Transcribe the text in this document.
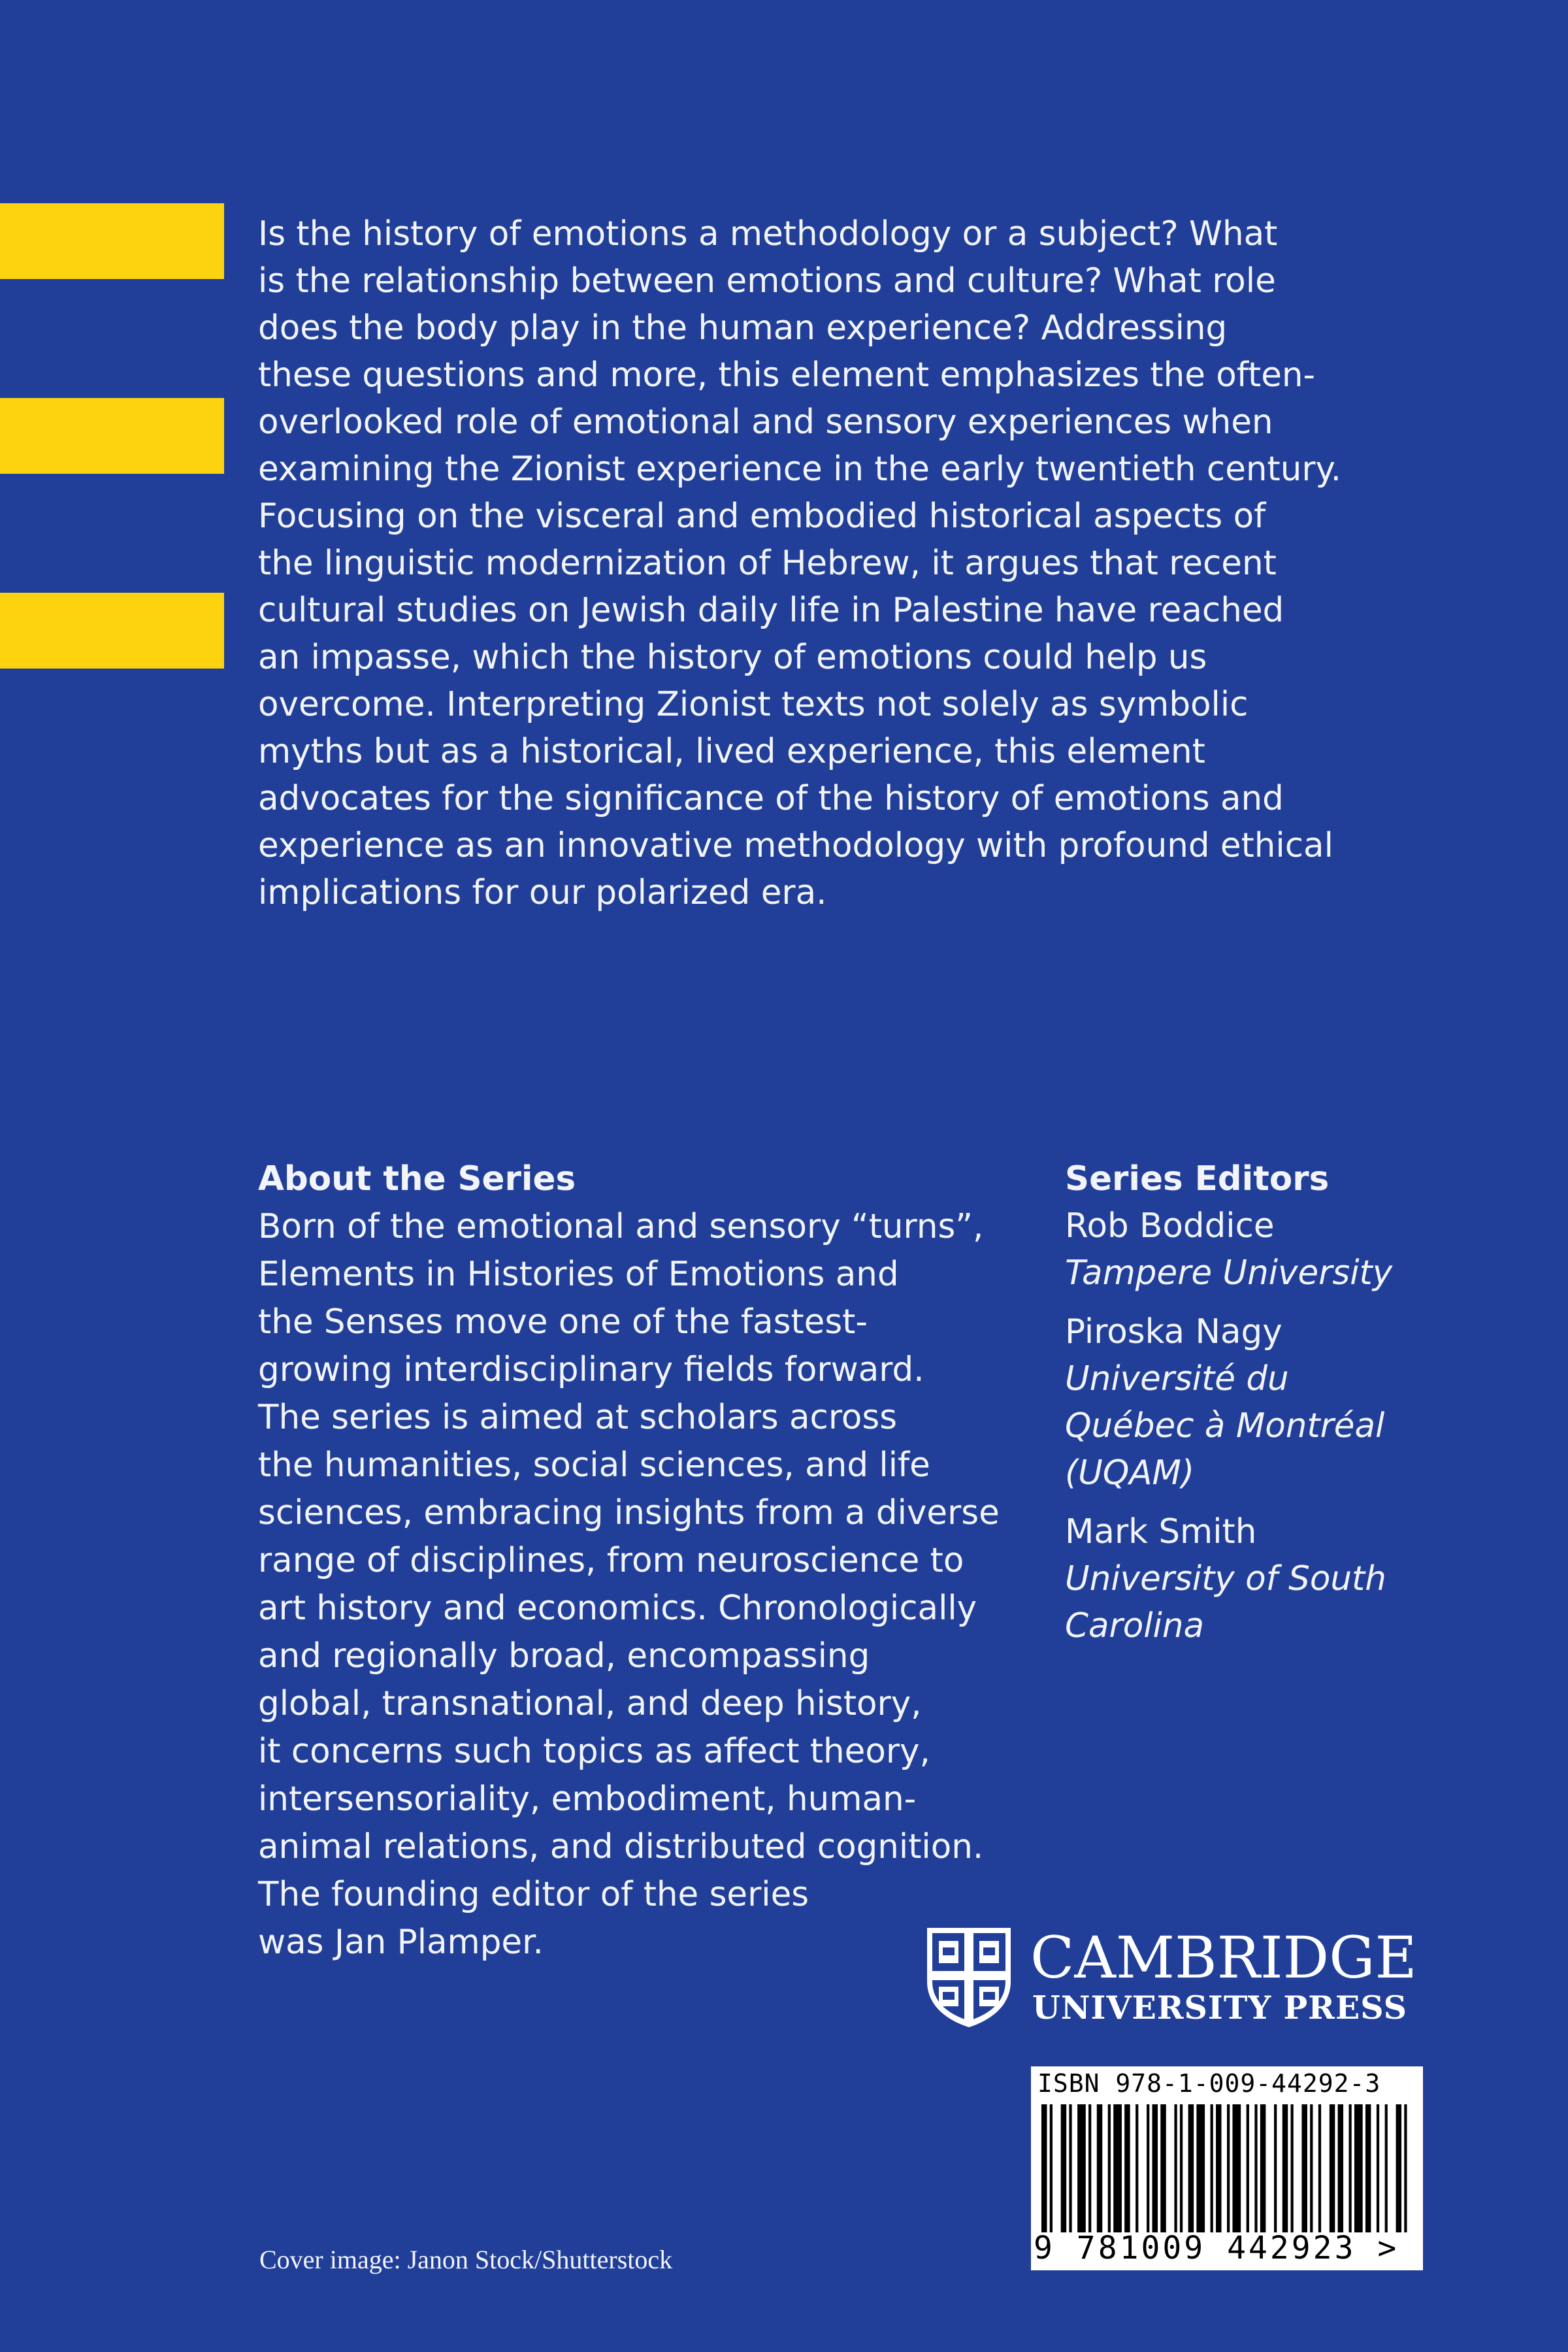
Is the history of emotions a methodology or a subject? What
is the relationship between emotions and culture? What role
does the body play in the human experience? Addressing
these questions and more, this element emphasizes the often-
overlooked role of emotional and sensory experiences when
examining the Zionist experience in the early twentieth century.
Focusing on the visceral and embodied historical aspects of
the linguistic modernization of Hebrew, it argues that recent
cultural studies on Jewish daily life in Palestine have reached
an impasse, which the history of emotions could help us
overcome. Interpreting Zionist texts not solely as symbolic
myths but as a historical, lived experience, this element
advocates for the significance of the history of emotions and
experience as an innovative methodology with profound ethical
implications for our polarized era.

About the Series
Born of the emotional and sensory “turns”,
Elements in Histories of Emotions and
the Senses move one of the fastest-
growing interdisciplinary fields forward.
The series is aimed at scholars across
the humanities, social sciences, and life
sciences, embracing insights from a diverse
range of disciplines, from neuroscience to
art history and economics. Chronologically
and regionally broad, encompassing
global, transnational, and deep history,
it concerns such topics as affect theory,
intersensoriality, embodiment, human-
animal relations, and distributed cognition.
The founding editor of the series
was Jan Plamper.
Series Editors
Rob Boddice
Tampere University
Piroska Nagy
Université du
Québec à Montréal
(UQAM)
Mark Smith
University of South
Carolina
CAMBRIDGE
UNIVERSITY PRESS
ISBN 978-1-009-44292-3
9 781009 442923 >
Cover image: Janon Stock/Shutterstock
